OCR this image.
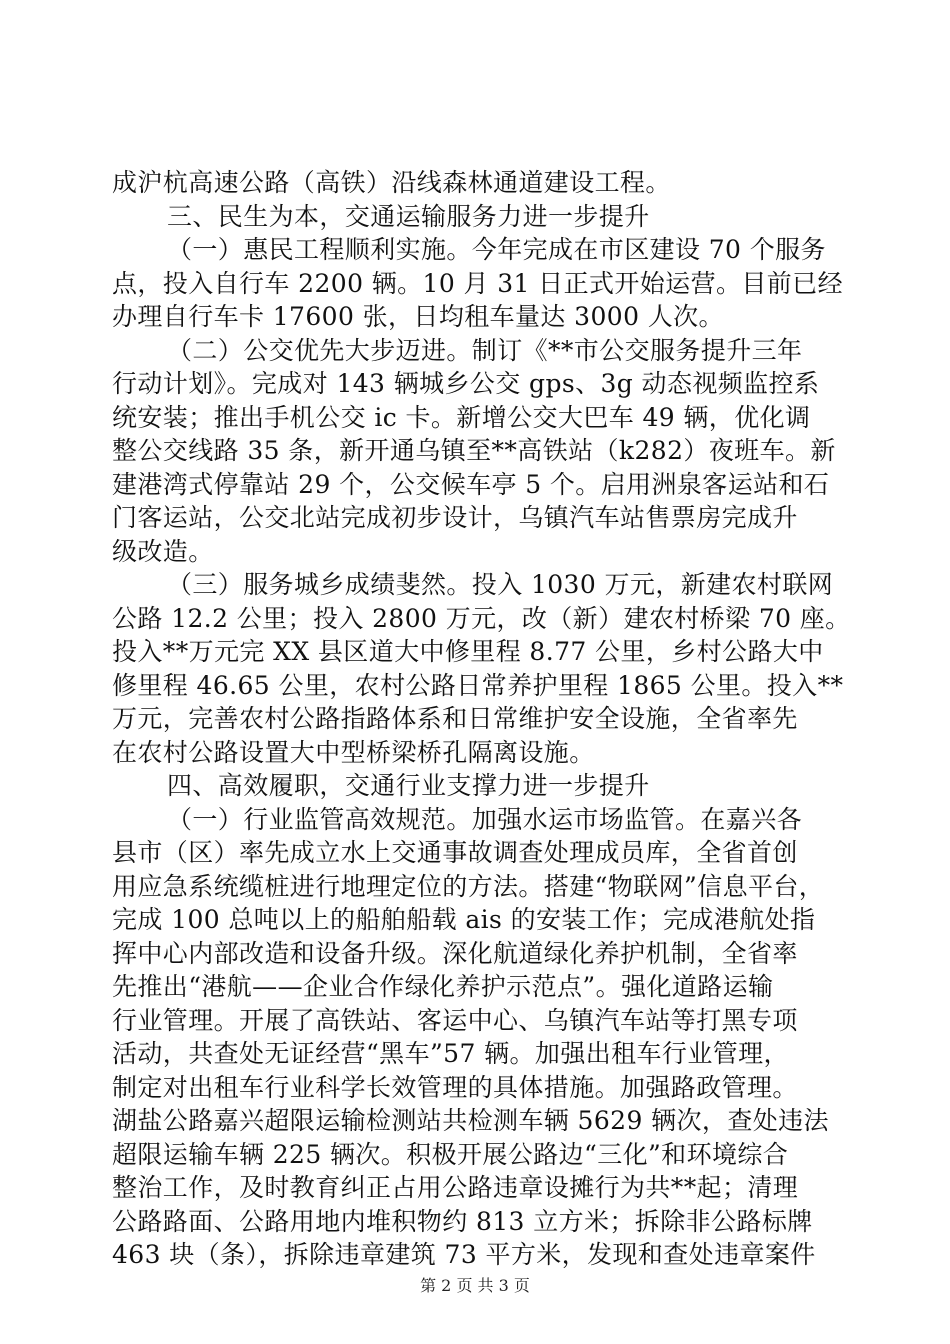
成沪杭高速公路（高铁）沿线森林通道建设工程。
三、民生为本，交通运输服务力进一步提升
（一）惠民工程顺利实施。今年完成在市区建设 70 个服务
点，投入自行车 2200 辆。10 月 31 日正式开始运营。目前已经
办理自行车卡 17600 张，日均租车量达 3000 人次。
（二）公交优先大步迈进。制订《**市公交服务提升三年
行动计划》。完成对 143 辆城乡公交 gps、3g 动态视频监控系
统安装；推出手机公交 ic 卡。新增公交大巴车 49 辆，优化调
整公交线路 35 条，新开通乌镇至**高铁站（k282）夜班车。新
建港湾式停靠站 29 个，公交候车亭 5 个。启用洲泉客运站和石
门客运站，公交北站完成初步设计，乌镇汽车站售票房完成升
级改造。
（三）服务城乡成绩斐然。投入 1030 万元，新建农村联网
公路 12.2 公里；投入 2800 万元，改（新）建农村桥梁 70 座。
投入**万元完 XX 县区道大中修里程 8.77 公里，乡村公路大中
修里程 46.65 公里，农村公路日常养护里程 1865 公里。投入**
万元，完善农村公路指路体系和日常维护安全设施，全省率先
在农村公路设置大中型桥梁桥孔隔离设施。
四、高效履职，交通行业支撑力进一步提升
（一）行业监管高效规范。加强水运市场监管。在嘉兴各
县市（区）率先成立水上交通事故调查处理成员库，全省首创
用应急系统缆桩进行地理定位的方法。搭建“物联网”信息平台，
完成 100 总吨以上的船舶船载 ais 的安装工作；完成港航处指
挥中心内部改造和设备升级。深化航道绿化养护机制，全省率
先推出“港航——企业合作绿化养护示范点”。强化道路运输
行业管理。开展了高铁站、客运中心、乌镇汽车站等打黑专项
活动，共查处无证经营“黑车”57 辆。加强出租车行业管理，
制定对出租车行业科学长效管理的具体措施。加强路政管理。
湖盐公路嘉兴超限运输检测站共检测车辆 5629 辆次，查处违法
超限运输车辆 225 辆次。积极开展公路边“三化”和环境综合
整治工作，及时教育纠正占用公路违章设摊行为共**起；清理
公路路面、公路用地内堆积物约 813 立方米；拆除非公路标牌
463 块（条），拆除违章建筑 73 平方米，发现和查处违章案件
第 2 页 共 3 页
